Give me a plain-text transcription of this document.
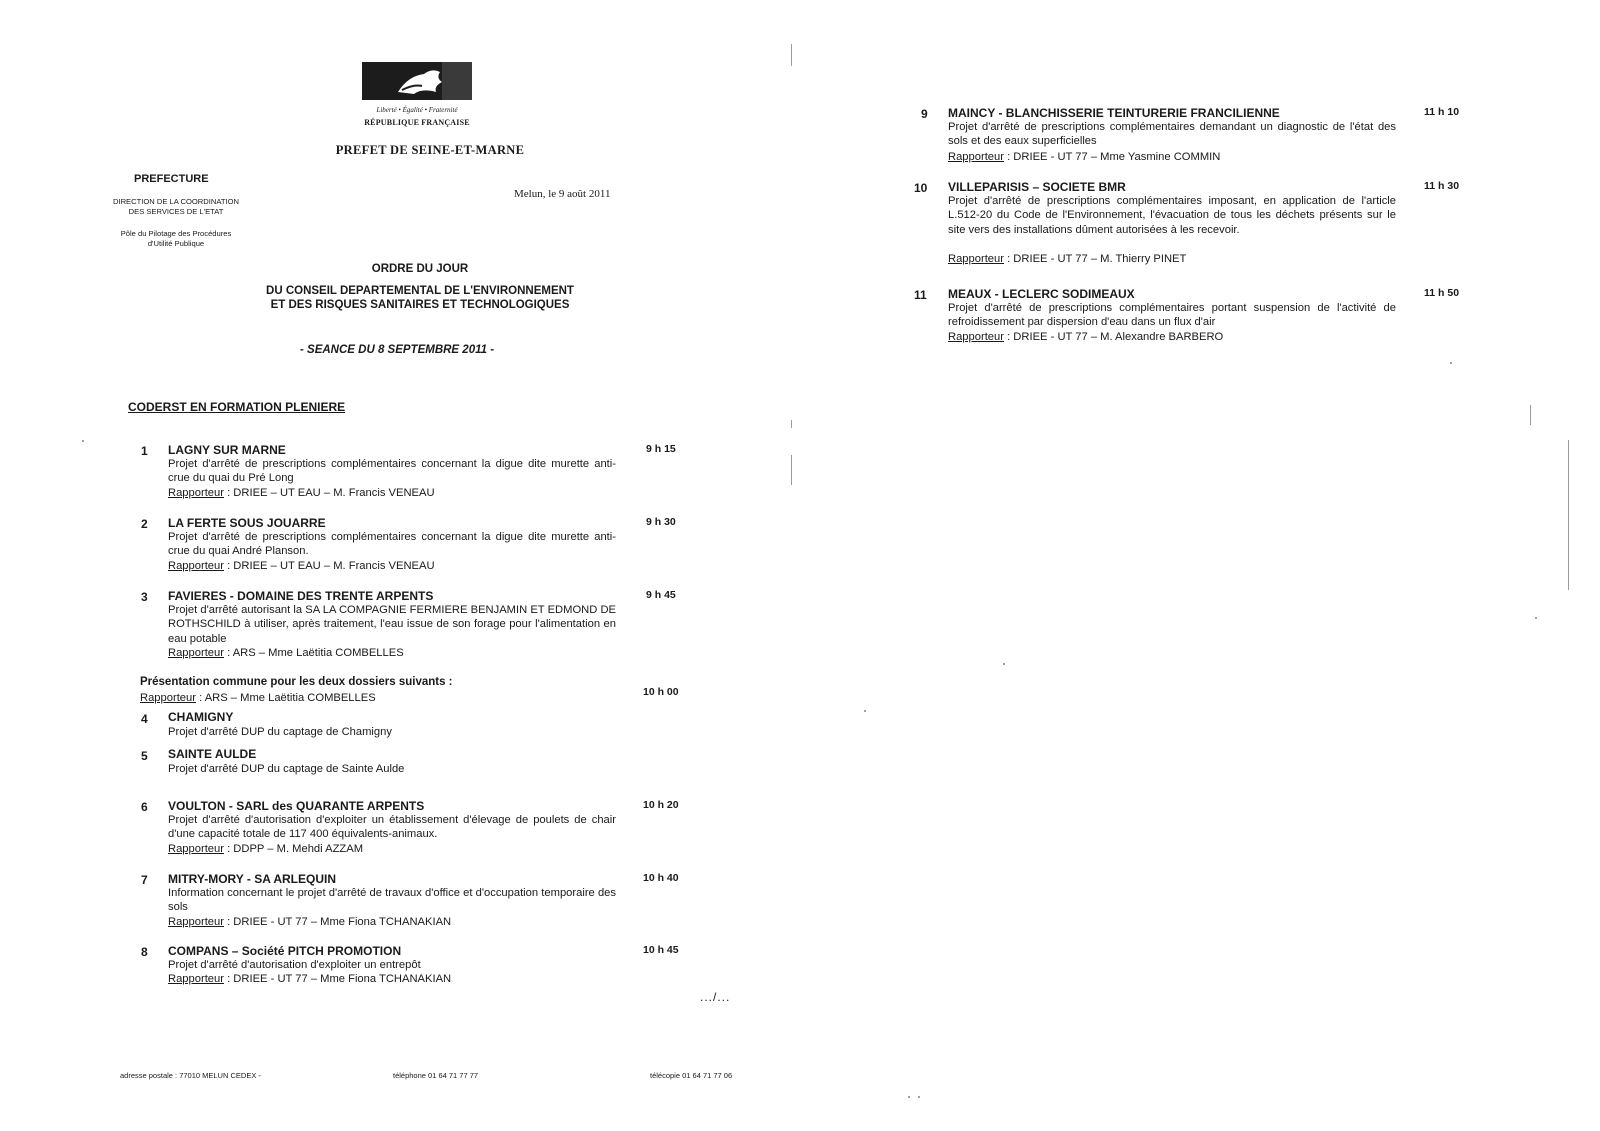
Liberté • Égalité • Fraternité
RÉPUBLIQUE FRANÇAISE
PREFET DE SEINE-ET-MARNE
PREFECTURE
DIRECTION DE LA COORDINATION
DES SERVICES DE L'ETAT
Pôle du Pilotage des Procédures
d'Utilité Publique
Melun, le 9 août 2011
ORDRE DU JOUR
DU CONSEIL DEPARTEMENTAL DE L'ENVIRONNEMENT
ET DES RISQUES SANITAIRES ET TECHNOLOGIQUES
- SEANCE DU 8 SEPTEMBRE 2011 -
CODERST EN FORMATION PLENIERE
1	LAGNY SUR MARNE	9 h 15
Projet d'arrêté de prescriptions complémentaires concernant la digue dite murette anti-crue du quai du Pré Long
Rapporteur : DRIEE – UT EAU – M. Francis VENEAU
2	LA FERTE SOUS JOUARRE	9 h 30
Projet d'arrêté de prescriptions complémentaires concernant la digue dite murette anti-crue du quai André Planson.
Rapporteur : DRIEE – UT EAU – M. Francis VENEAU
3	FAVIERES - DOMAINE DES TRENTE ARPENTS	9 h 45
Projet d'arrêté autorisant la SA LA COMPAGNIE FERMIERE BENJAMIN ET EDMOND DE ROTHSCHILD à utiliser, après traitement, l'eau issue de son forage pour l'alimentation en eau potable
Rapporteur : ARS – Mme Laëtitia COMBELLES
Présentation commune pour les deux dossiers suivants :
Rapporteur : ARS – Mme Laëtitia COMBELLES	10 h 00
4	CHAMIGNY
Projet d'arrêté DUP du captage de Chamigny
5	SAINTE AULDE
Projet d'arrêté DUP du captage de Sainte Aulde
6	VOULTON - SARL des QUARANTE ARPENTS	10 h 20
Projet d'arrêté d'autorisation d'exploiter un établissement d'élevage de poulets de chair d'une capacité totale de 117 400 équivalents-animaux.
Rapporteur : DDPP – M. Mehdi AZZAM
7	MITRY-MORY - SA ARLEQUIN	10 h 40
Information concernant le projet d'arrêté de travaux d'office et d'occupation temporaire des sols
Rapporteur : DRIEE - UT 77 – Mme Fiona TCHANAKIAN
8	COMPANS – Société PITCH PROMOTION	10 h 45
Projet d'arrêté d'autorisation d'exploiter un entrepôt
Rapporteur : DRIEE - UT 77 – Mme Fiona TCHANAKIAN
.../...
9	MAINCY - BLANCHISSERIE TEINTURERIE FRANCILIENNE	11 h 10
Projet d'arrêté de prescriptions complémentaires demandant un diagnostic de l'état des sols et des eaux superficielles
Rapporteur : DRIEE - UT 77 – Mme Yasmine COMMIN
10	VILLEPARISIS – SOCIETE BMR	11 h 30
Projet d'arrêté de prescriptions complémentaires imposant, en application de l'article L.512-20 du Code de l'Environnement, l'évacuation de tous les déchets présents sur le site vers des installations dûment autorisées à les recevoir.
Rapporteur : DRIEE - UT 77 – M. Thierry PINET
11	MEAUX - LECLERC SODIMEAUX	11 h 50
Projet d'arrêté de prescriptions complémentaires portant suspension de l'activité de refroidissement par dispersion d'eau dans un flux d'air
Rapporteur : DRIEE - UT 77 – M. Alexandre BARBERO
adresse postale : 77010 MELUN CEDEX -	téléphone 01 64 71 77 77	télécopie 01 64 71 77 06
